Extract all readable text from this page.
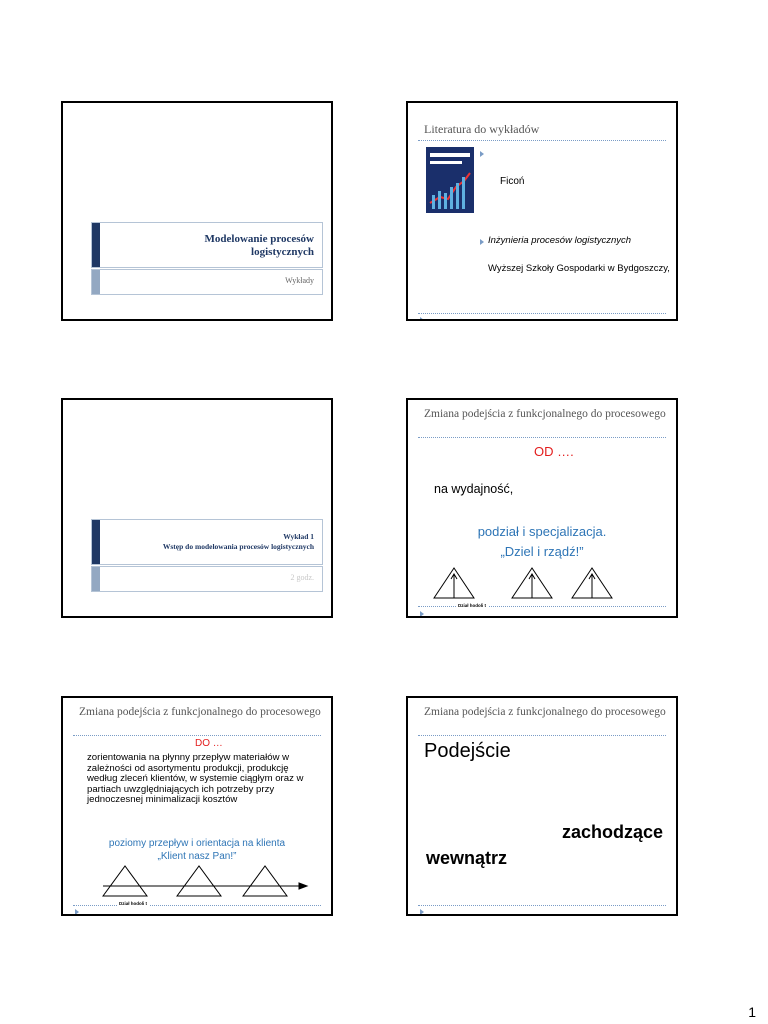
Modelowanie procesów
logistycznych
Wykłady
Literatura do wykładów
Ficoń
Inżynieria procesów logistycznych
Wyższej Szkoły Gospodarki w Bydgoszczy,
Wykład 1
Wstęp do modelowania procesów logistycznych
2 godz.
Zmiana podejścia z funkcjonalnego do procesowego
OD ….
na wydajność,
podział i specjalizacja.
„Dziel i rządź!”
Dział hodoli t
Zmiana podejścia z funkcjonalnego do procesowego
DO …
zorientowania na płynny przepływ materiałów w zależności od asortymentu produkcji, produkcję według zleceń klientów, w systemie ciągłym oraz w partiach uwzględniających ich potrzeby przy jednoczesnej minimalizacji kosztów
poziomy przepływ i orientacja na klienta
„Klient nasz Pan!”
Dział hodoli t
Zmiana podejścia z funkcjonalnego do procesowego
Podejście
zachodzące
wewnątrz
1
